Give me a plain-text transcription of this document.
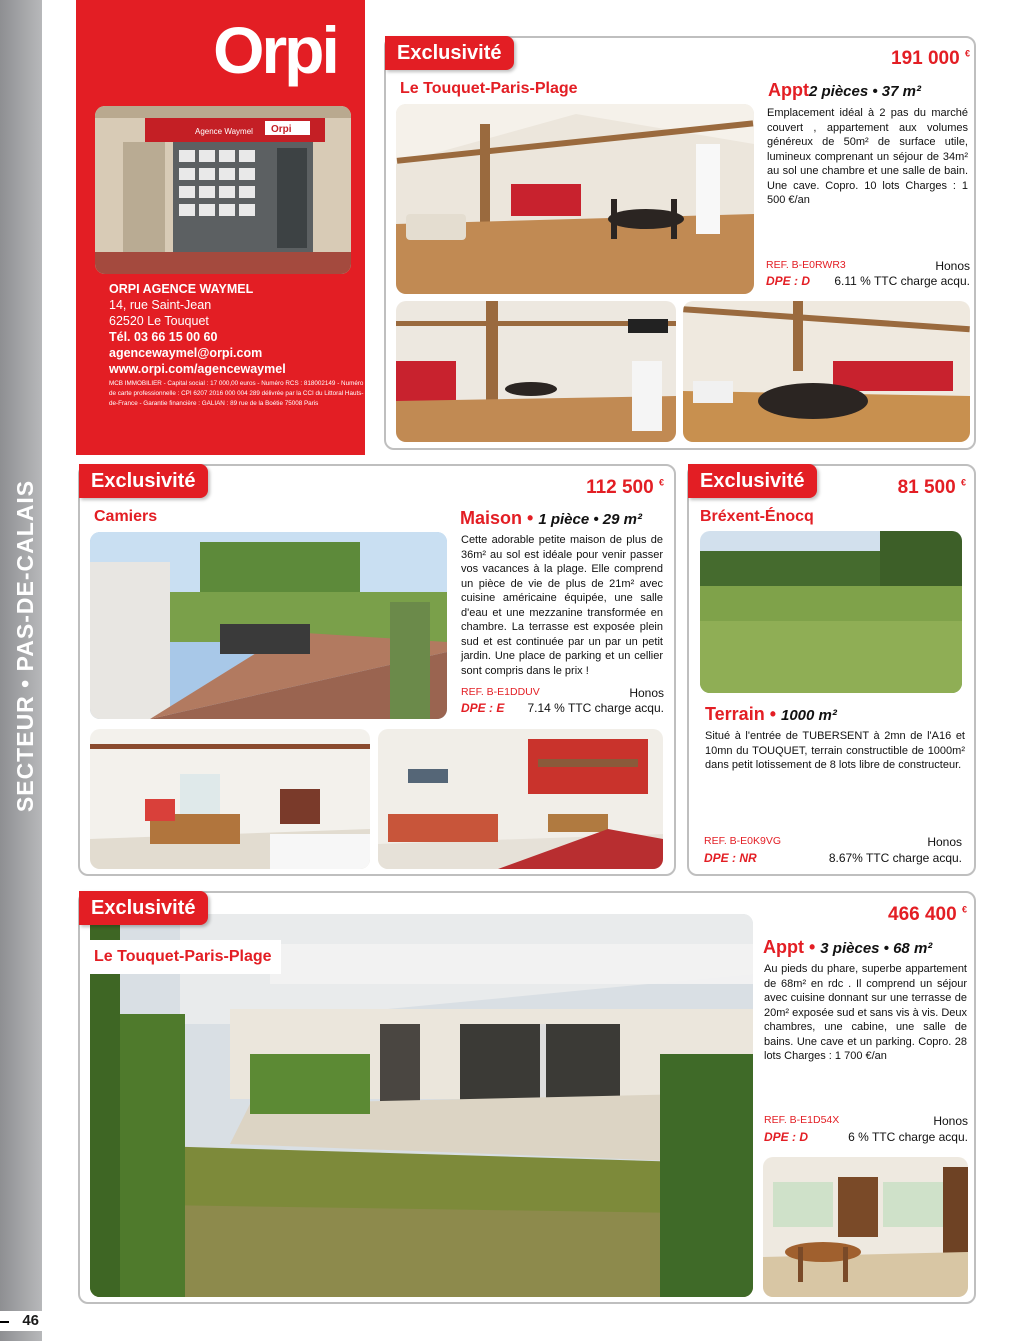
SECTEUR • PAS-DE-CALAIS
46
Orpi
Agence Waymel Orpi
ORPI AGENCE WAYMEL
14, rue Saint-Jean
62520 Le Touquet
Tél. 03 66 15 00 60
agencewaymel@orpi.com
www.orpi.com/agencewaymel
MCB IMMOBILIER - Capital social : 17 000,00 euros - Numéro RCS : 818002149 - Numéro de carte professionnelle : CPI 6207 2016 000 004 289 délivrée par la CCI du Littoral Hauts-de-France - Garantie financière : GALIAN : 89 rue de la Boétie 75008 Paris
Exclusivité	191 000 €
Le Touquet-Paris-Plage	Appt2 pièces • 37 m²
Emplacement idéal à 2 pas du marché couvert , appartement aux volumes généreux de 50m² de surface utile, lumineux comprenant un séjour de 34m² au sol une chambre et une salle de bain. Une cave. Copro. 10 lots Charges : 1 500 €/an
REF. B-E0RWR3	Honos
DPE : D	6.11 % TTC charge acqu.
Exclusivité	112 500 €
Camiers	Maison • 1 pièce • 29 m²
Cette adorable petite maison de plus de 36m² au sol est idéale pour venir passer vos vacances à la plage. Elle comprend un pièce de vie de plus de 21m² avec cuisine américaine équipée, une salle d'eau et une mezzanine transformée en chambre. La terrasse est exposée plein sud et est continuée par un par un petit jardin. Une place de parking et un cellier sont compris dans le prix !
REF. B-E1DDUV	Honos
DPE : E	7.14 % TTC charge acqu.
Exclusivité	81 500 €
Bréxent-Énocq
Terrain • 1000 m²
Situé à l'entrée de TUBERSENT à 2mn de l'A16 et 10mn du TOUQUET, terrain constructible de 1000m² dans petit lotissement de 8 lots libre de constructeur.
REF. B-E0K9VG	Honos
DPE : NR	8.67% TTC charge acqu.
Exclusivité
Le Touquet-Paris-Plage
466 400 €
Appt • 3 pièces • 68 m²
Au pieds du phare, superbe appartement de 68m² en rdc . Il comprend un séjour avec cuisine donnant sur une terrasse de 20m² exposée sud et sans vis à vis. Deux chambres, une cabine, une salle de bains. Une cave et un parking. Copro. 28 lots Charges : 1 700 €/an
REF. B-E1D54X	Honos
DPE : D	6 % TTC charge acqu.
